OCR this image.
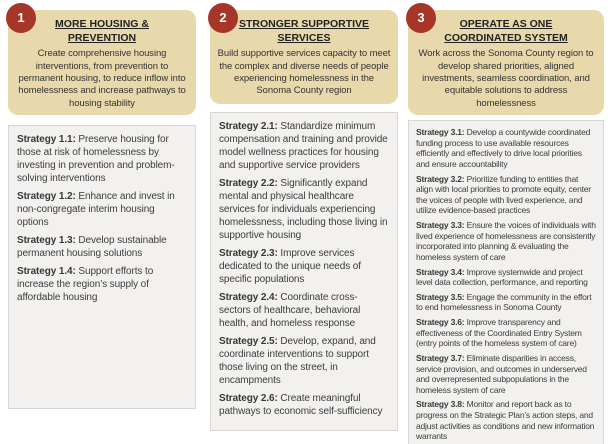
1	MORE HOUSING & PREVENTION

Create comprehensive housing interventions, from prevention to permanent housing, to reduce inflow into homelessness and increase pathways to housing stability

Strategy 1.1: Preserve housing for those at risk of homelessness by investing in prevention and problem-solving interventions

Strategy 1.2: Enhance and invest in non-congregate interim housing options

Strategy 1.3: Develop sustainable permanent housing solutions

Strategy 1.4: Support efforts to increase the region’s supply of affordable housing

2	STRONGER SUPPORTIVE SERVICES

Build supportive services capacity to meet the complex and diverse needs of people experiencing homelessness in the Sonoma County region

Strategy 2.1: Standardize minimum compensation and training and provide model wellness practices for housing and supportive service providers

Strategy 2.2: Significantly expand mental and physical healthcare services for individuals experiencing homelessness, including those living in supportive housing

Strategy 2.3: Improve services dedicated to the unique needs of specific populations

Strategy 2.4: Coordinate cross-sectors of healthcare, behavioral health, and homeless response

Strategy 2.5: Develop, expand, and coordinate interventions to support those living on the street, in encampments

Strategy 2.6: Create meaningful pathways to economic self-sufficiency

3	OPERATE AS ONE COORDINATED SYSTEM

Work across the Sonoma County region to develop shared priorities, aligned investments, seamless coordination, and equitable solutions to address homelessness

Strategy 3.1: Develop a countywide coordinated funding process to use available resources efficiently and effectively to drive local priorities and ensure accountability

Strategy 3.2: Prioritize funding to entities that align with local priorities to promote equity, center the voices of people with lived experience, and utilize evidence-based practices

Strategy 3.3: Ensure the voices of individuals with lived experience of homelessness are consistently incorporated into planning & evaluating the homeless system of care

Strategy 3.4: Improve systemwide and project level data collection, performance, and reporting

Strategy 3.5: Engage the community in the effort to end homelessness in Sonoma County

Strategy 3.6: Improve transparency and effectiveness of the Coordinated Entry System (entry points of the homeless system of care)

Strategy 3.7: Eliminate disparities in access, service provision, and outcomes in underserved and overrepresented subpopulations in the homeless system of care

Strategy 3.8: Monitor and report back as to progress on the Strategic Plan’s action steps, and adjust activities as conditions and new information warrants
